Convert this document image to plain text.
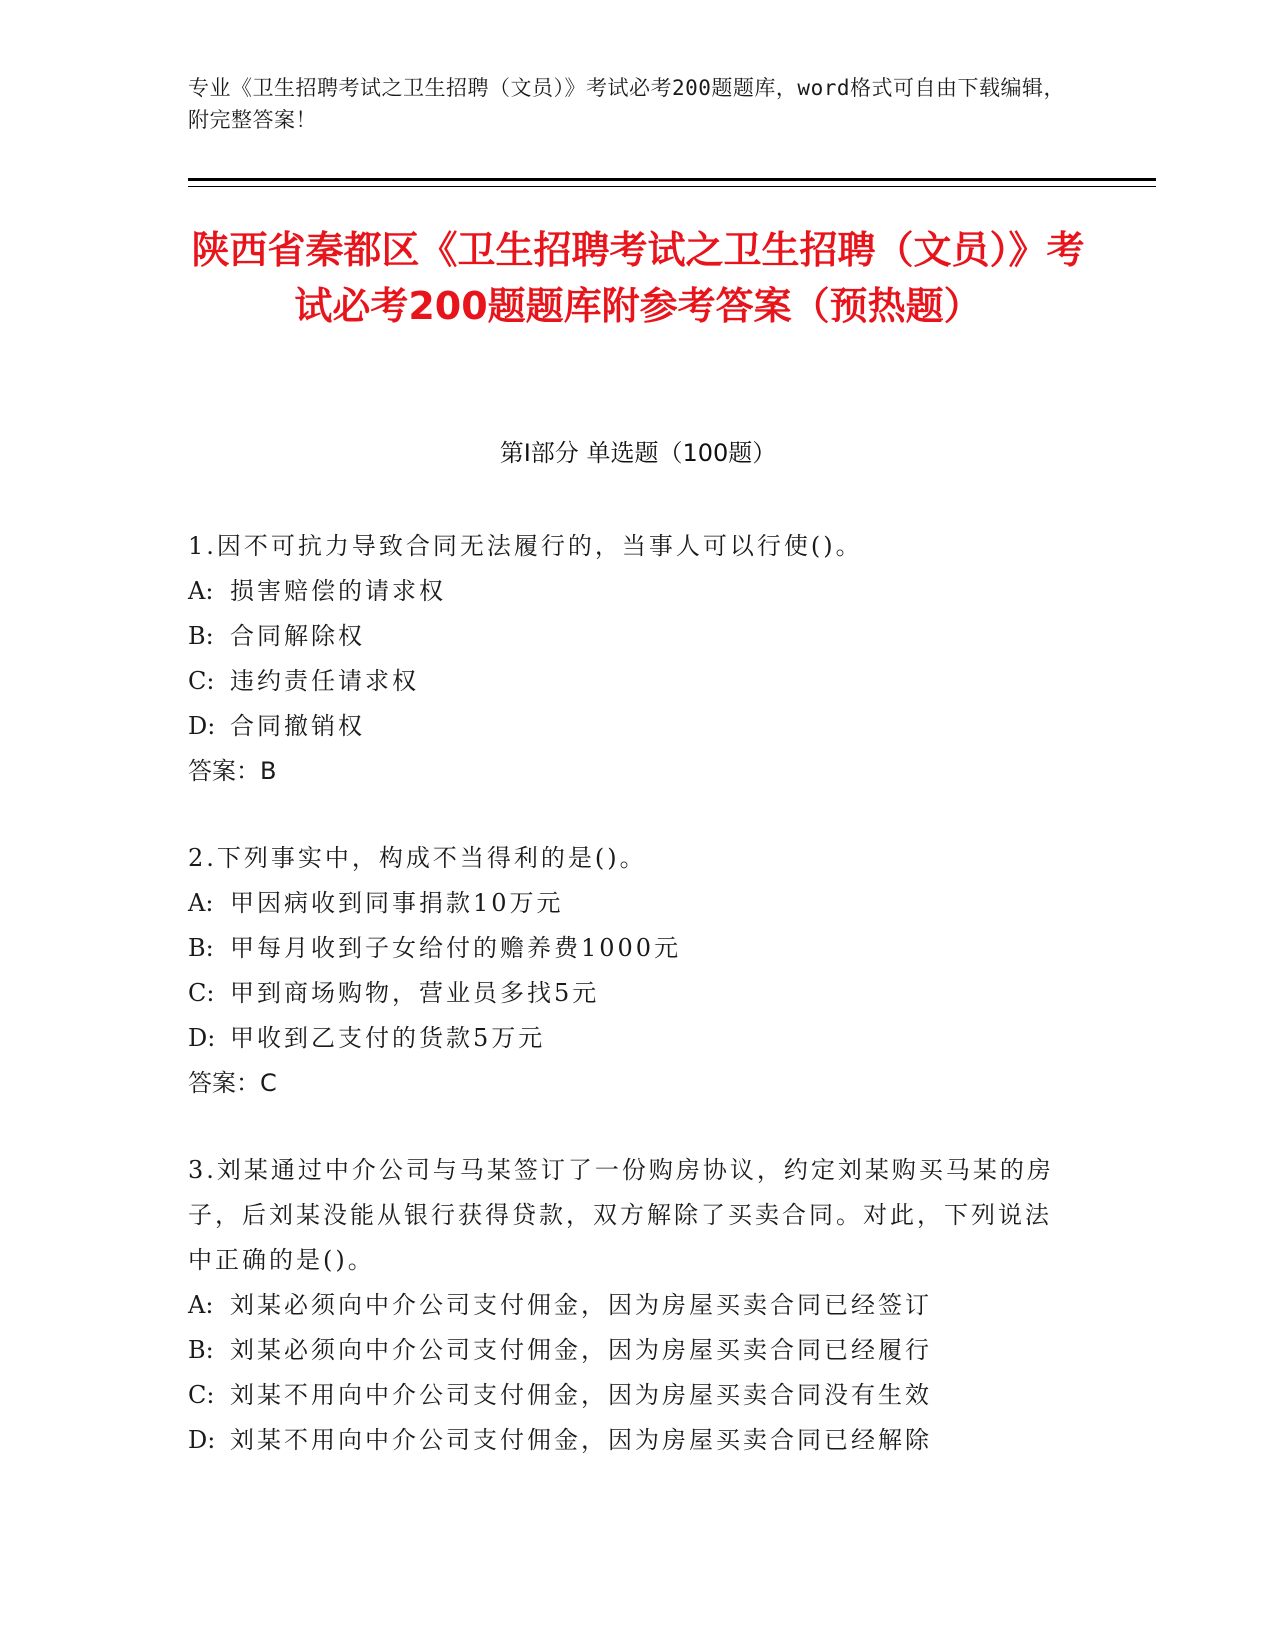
专业《卫生招聘考试之卫生招聘（文员）》考试必考200题题库，word格式可自由下载编辑，附完整答案！
陕西省秦都区《卫生招聘考试之卫生招聘（文员）》考试必考200题题库附参考答案（预热题）
第Ⅰ部分 单选题（100题）

1.因不可抗力导致合同无法履行的，当事人可以行使()。

A: 损害赔偿的请求权

B: 合同解除权

C: 违约责任请求权

D: 合同撤销权

答案：B

2.下列事实中，构成不当得利的是()。

A: 甲因病收到同事捐款10万元

B: 甲每月收到子女给付的赡养费1000元

C: 甲到商场购物，营业员多找5元

D: 甲收到乙支付的货款5万元

答案：C

3.刘某通过中介公司与马某签订了一份购房协议，约定刘某购买马某的房子，后刘某没能从银行获得贷款，双方解除了买卖合同。对此，下列说法中正确的是()。

A: 刘某必须向中介公司支付佣金，因为房屋买卖合同已经签订

B: 刘某必须向中介公司支付佣金，因为房屋买卖合同已经履行

C: 刘某不用向中介公司支付佣金，因为房屋买卖合同没有生效

D: 刘某不用向中介公司支付佣金，因为房屋买卖合同已经解除
